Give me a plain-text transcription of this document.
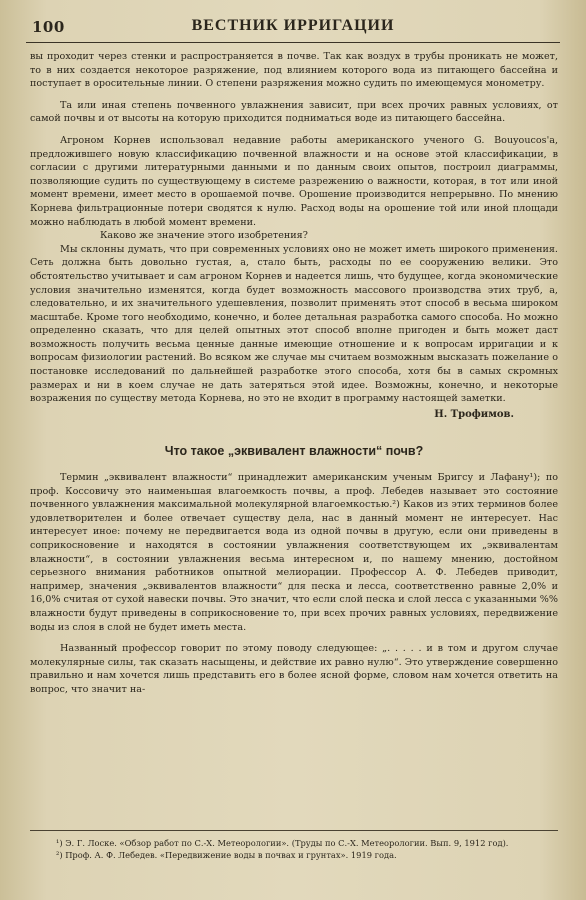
100	ВЕСТНИК ИРРИГАЦИИ

вы проходит через стенки и распространяется в почве. Так как воздух в трубы проникать не может, то в них создается некоторое разряжение, под влиянием которого вода из питающего бассейна и поступает в оросительные линии. О степени разряжения можно судить по имеющемуся монометру.

Та или иная степень почвенного увлажнения зависит, при всех прочих равных условиях, от самой почвы и от высоты на которую приходится подниматься воде из питающего бассейна.

Агроном Корнев использовал недавние работы американского ученого G. Bouyoucos'а, предложившего новую классификацию почвенной влажности и на основе этой классификации, в согласии с другими литературными данными и по данным своих опытов, построил диаграммы, позволяющие судить по существующему в системе разрежению о важности, которая, в тот или иной момент времени, имеет место в орошаемой почве. Орошение производится непрерывно. По мнению Корнева фильтрационные потери сводятся к нулю. Расход воды на орошение той или иной площади можно наблюдать в любой момент времени.

Каково же значение этого изобретения?

Мы склонны думать, что при современных условиях оно не может иметь широкого применения. Сеть должна быть довольно густая, а, стало быть, расходы по ее сооружению велики. Это обстоятельство учитывает и сам агроном Корнев и надеется лишь, что будущее, когда экономические условия значительно изменятся, когда будет возможность массового производства этих труб, а, следовательно, и их значительного удешевления, позволит применять этот способ в весьма широком масштабе. Кроме того необходимо, конечно, и более детальная разработка самого способа. Но можно определенно сказать, что для целей опытных этот способ вполне пригоден и быть может даст возможность получить весьма ценные данные имеющие отношение и к вопросам ирригации и к вопросам физиологии растений. Во всяком же случае мы считаем возможным высказать пожелание о постановке исследований по дальнейшей разработке этого способа, хотя бы в самых скромных размерах и ни в коем случае не дать затеряться этой идее. Возможны, конечно, и некоторые возражения по существу метода Корнева, но это не входит в программу настоящей заметки.

Н. Трофимов.
Что такое „эквивалент влажности“ почв?

Термин „эквивалент влажности“ принадлежит американским ученым Бригсу и Лафану¹); по проф. Коссовичу это наименьшая влагоемкость почвы, а проф. Лебедев называет это состояние почвенного увлажнения максимальной молекулярной влагоемкостью.²) Каков из этих терминов более удовлетворителен и более отвечает существу дела, нас в данный момент не интересует. Нас интересует иное: почему не передвигается вода из одной почвы в другую, если они приведены в соприкосновение и находятся в состоянии увлажнения соответствующем их „эквивалентам влажности“, в состоянии увлажнения весьма интересном и, по нашему мнению, достойном серьезного внимания работников опытной мелиорации. Профессор А. Ф. Лебедев приводит, например, значения „эквивалентов влажности“ для песка и лесса, соответственно равные 2,0% и 16,0% считая от сухой навески почвы. Это значит, что если слой песка и слой лесса с указанными %% влажности будут приведены в соприкосновение то, при всех прочих равных условиях, передвижение воды из слоя в слой не будет иметь места.

Названный профессор говорит по этому поводу следующее: „. . . . . и в том и другом случае молекулярные силы, так сказать насыщены, и действие их равно нулю“. Это утверждение совершенно правильно и нам хочется лишь представить его в более ясной форме, словом нам хочется ответить на вопрос, что значит на-

¹) Э. Г. Лоске. «Обзор работ по С.-Х. Метеорологии». (Труды по С.-Х. Метеорологии. Вып. 9, 1912 год).

²) Проф. А. Ф. Лебедев. «Передвижение воды в почвах и грунтах». 1919 года.
